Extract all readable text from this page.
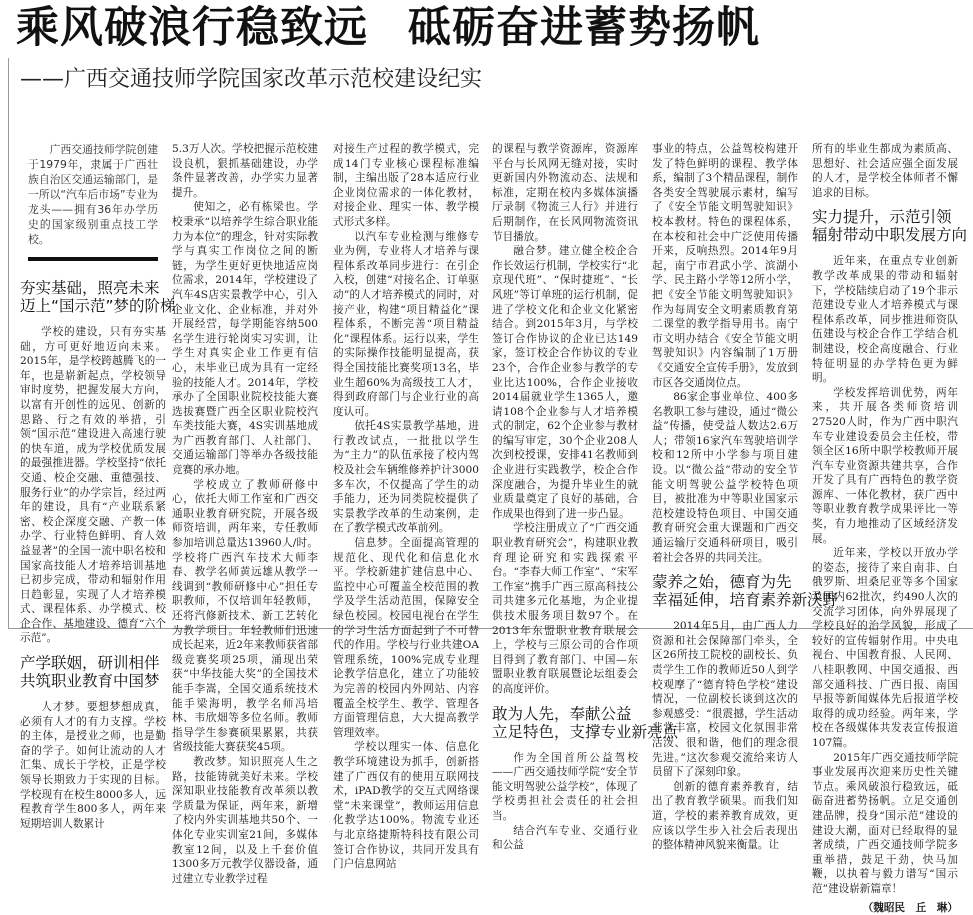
乘风破浪行稳致远 砥砺奋进蓄势扬帆
——广西交通技师学院国家改革示范校建设纪实
广西交通技师学院创建于1979年，隶属于广西壮族自治区交通运输部门，是一所以“汽车后市场”专业为龙头——拥有36年办学历史的国家级别重点技工学校。
夯实基础，照亮未来
迈上“国示范”梦的阶梯

学校的建设，只有夯实基础，方可更好地迈向未来。2015年，是学校跨越腾飞的一年，也是崭新起点，学校领导审时度势，把握发展大方向，以富有开创性的远见、创新的思路、行之有效的举措，引领“国示范”建设进入高速行驶的快车道，成为学校优质发展的最强推进器。学校坚持“依托交通、校企交融、重德强技、服务行业”的办学宗旨，经过两年的建设，具有“产业联系紧密、校企深度交融、产教一体办学、行业特色鲜明、育人效益显著”的全国一流中职名校和国家高技能人才培养培训基地已初步完成，带动和辐射作用日趋彰显，实现了人才培养模式、课程体系、办学模式、校企合作、基地建设、德育“六个示范”。

产学联姻，研训相伴
共筑职业教育中国梦

人才梦。要想梦想成真，必须有人才的有力支撑。学校的主体，是授业之师，也是勤奋的学子。如何让流动的人才汇集、成长于学校，正是学校领导长期致力于实现的目标。学校现有在校生8000多人，远程教育学生800多人，两年来短期培训人数累计

5.3万人次。学校把握示范校建设良机，狠抓基础建设，办学条件显著改善，办学实力显著提升。

使知之，必有栋梁也。学校秉承“以培养学生综合职业能力为本位”的理念，针对实际教学与真实工作岗位之间的断链，为学生更好更快地适应岗位需求，2014年，学校建设了汽车4S店实景教学中心，引入企业文化、企业标准，并对外开展经营，每学期能容纳500名学生进行轮岗实习实训，让学生对真实企业工作更有信心，未毕业已成为具有一定经验的技能人才。2014年，学校承办了全国职业院校技能大赛选拔赛暨广西全区职业院校汽车类技能大赛，4S实训基地成为广西教育部门、人社部门、交通运输部门等举办各级技能竞赛的承办地。

学校成立了教师研修中心，依托大师工作室和广西交通职业教育研究院，开展各级师资培训，两年来，专任教师参加培训总量达13960人/时。学校将广西汽车技术大师李春、教学名师黄远雄从教学一线调到“教师研修中心”担任专职教师，不仅培训年轻教师，还将汽修新技术、新工艺转化为教学项目。年轻教师们迅速成长起来，近2年来教师获省部级竞赛奖项25项，涌现出荣获“中华技能大奖”的全国技术能手李嵩，全国交通系统技术能手梁海明，教学名师冯培林、韦欣畑等多位名师。教师指导学生参赛硕果累累，共获省级技能大赛获奖45项。

教改梦。知识照亮人生之路，技能铸就美好未来。学校深知职业技能教育改革须以教学质量为保证，两年来，新增了校内外实训基地共50个、一体化专业实训室21间，多媒体教室12间，以及上千套价值1300多万元教学仪器设备，通过建立专业教学过程

对接生产过程的教学模式，完成14门专业核心课程标准编制，主编出版了28本适应行业企业岗位需求的一体化教材，对接企业、理实一体、教学模式形式多样。

以汽车专业检测与维修专业为例，专业将人才培养与课程体系改革同步进行：在引企入校，创建“对接名企、订单驱动”的人才培养模式的同时，对接产业，构建“项目精益化”课程体系，不断完善“项目精益化”课程体系。运行以来，学生的实际操作技能明显提高，获得全国技能比赛奖项13名，毕业生超60%为高级技工人才，得到政府部门与企业行业的高度认可。

依托4S实景教学基地，进行教改试点，一批批以学生为“主力”的队伍承接了校内驾校及社会车辆维修养护计3000多车次，不仅提高了学生的动手能力，还为同类院校提供了实景教学改革的生动案例，走在了教学模式改革前列。

信息梦。全面提高管理的规范化、现代化和信息化水平。学校新建扩建信息中心、监控中心可覆盖全校范围的教学及学生活动范围，保障安全绿色校园。校园电视台在学生的学习生活方面起到了不可替代的作用。学校与行业共建OA管理系统，100%完成专业理论教学信息化，建立了功能较为完善的校园内外网站、内容覆盖全校学生、教学、管理各方面管理信息，大大提高教学管理效率。

学校以理实一体、信息化教学环境建设为抓手，创新搭建了广西仅有的使用互联网技术，iPAD教学的交互式网络课堂“未来课堂”，教师运用信息化教学达100%。物流专业还与北京络捷斯特科技有限公司签订合作协议，共同开发具有门户信息网站

的课程与教学资源库，资源库平台与长风网无缝对接，实时更新国内外物流动态、法规和标准，定期在校内多媒体演播厅录制《物流三人行》并进行后期制作，在长风网物流资讯节目播放。

融合梦。建立健全校企合作长效运行机制，学校实行“北京现代班”、“保时捷班”、“长风班”等订单班的运行机制，促进了学校文化和企业文化紧密结合。到2015年3月，与学校签订合作协议的企业已达149家，签订校企合作协议的专业23个，合作企业参与教学的专业比达100%，合作企业接收2014届就业学生1365人，邀请108个企业参与人才培养模式的制定，62个企业参与教材的编写审定，30个企业208人次到校授课，安排41名教师到企业进行实践教学，校企合作深度融合，为提升毕业生的就业质量奠定了良好的基础，合作成果也得到了进一步凸显。

学校注册成立了“广西交通职业教育研究会”，构建职业教育理论研究和实践探索平台。“李春大师工作室”、“宋军工作室”携手广西三原高科技公司共建多元化基地，为企业提供技术服务项目数97个。在2013年东盟职业教育联展会上，学校与三原公司的合作项目得到了教育部门、中国—东盟职业教育联展暨论坛组委会的高度评价。

敢为人先，奉献公益
立足特色，支撑专业新亮点

作为全国首所公益驾校——广西交通技师学院“安全节能文明驾驶公益学校”，体现了学校勇担社会责任的社会担当。

结合汽车专业、交通行业和公益

事业的特点，公益驾校构建开发了特色鲜明的课程、教学体系，编制了3个精品课程，制作各类安全驾驶展示素材，编写了《安全节能文明驾驶知识》校本教材。特色的课程体系，在本校和社会中广泛使用传播开来，反响热烈。2014年9月起，南宁市君武小学、滨湖小学、民主路小学等12所小学，把《安全节能文明驾驶知识》作为每周安全文明素质教育第二课堂的教学指导用书。南宁市文明办结合《安全节能文明驾驶知识》内容编制了1万册《交通安全宣传手册》，发放到市区各交通岗位点。

86家企事业单位、400多名教职工参与建设，通过“微公益”传播，使受益人数达2.6万人；带领16家汽车驾驶培训学校和12所中小学参与项目建设。以“微公益”带动的安全节能文明驾驶公益学校特色项目，被批准为中等职业国家示范校建设特色项目、中国交通教育研究会重大课题和广西交通运输厅交通科研项目，吸引着社会各界的共同关注。

蒙养之始，德育为先
幸福延伸，培育素养新沃野

2014年5月，由广西人力资源和社会保障部门牵头，全区26所技工院校的副校长、负责学生工作的教师近50人到学校观摩了“德育特色学校”建设情况，一位副校长谈到这次的参观感受：“很震撼，学生活动非常丰富，校园文化氛围非常活泼、很和谐，他们的理念很先进。”这次参观交流给来访人员留下了深刻印象。

创新的德育素养教育，结出了教育教学硕果。而我们知道，学校的素养教育成效，更应该以学生步入社会后表现出的整体精神风貌来衡量。让

所有的毕业生都成为素质高、思想好、社会适应强全面发展的人才，是学校全体师者不懈追求的目标。

实力提升，示范引领
辐射带动中职发展方向

近年来，在重点专业创新教学改革成果的带动和辐射下，学校陆续启动了19个非示范建设专业人才培养模式与课程体系改革，同步推进师资队伍建设与校企合作工学结合机制建设，校企高度融合、行业特征明显的办学特色更为鲜明。

学校发挥培训优势，两年来，共开展各类师资培训27520人时，作为广西中职汽车专业建设委员会主任校，带领全区16所中职学校教师开展汽车专业资源共建共享，合作开发了具有广西特色的教学资源库、一体化教材，获广西中等职业教育教学成果评比一等奖，有力地推动了区域经济发展。

近年来，学校以开放办学的姿态，接待了来自南非、白俄罗斯、坦桑尼亚等多个国家及国内62批次，约490人次的交流学习团体，向外界展现了学校良好的治学风貌，形成了较好的宣传辐射作用。中央电视台、中国教育报、人民网、八桂职教网、中国交通报、西部交通科技、广西日报、南国早报等新闻媒体先后报道学校取得的成功经验。两年来，学校在各级媒体共发表宣传报道107篇。

2015年广西交通技师学院事业发展再次迎来历史性关键节点。乘风破浪行稳致远，砥砺奋进蓄势扬帆。立足交通创建品牌，投身“国示范”建设的建设大潮，面对已经取得的显著成绩，广西交通技师学院多重举措，鼓足干劲，快马加鞭，以执着与毅力谱写“国示范”建设崭新篇章！

（魏昭民　丘　琳）
